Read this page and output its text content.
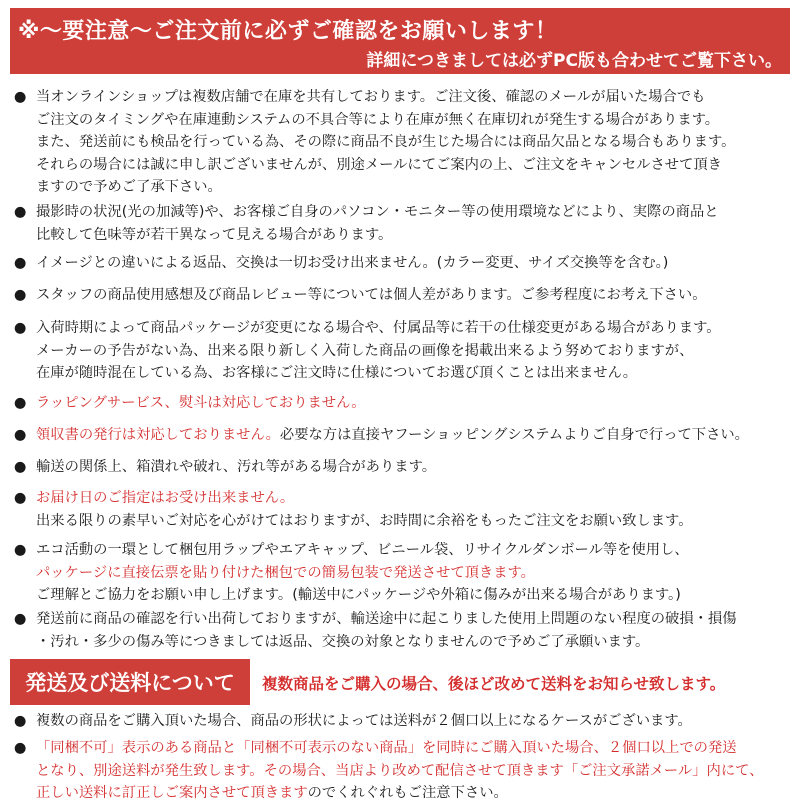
※〜要注意〜ご注文前に必ずご確認をお願いします！
詳細につきましては必ずPC版も合わせてご覧下さい。
● 当オンラインショップは複数店舗で在庫を共有しております。ご注文後、確認のメールが届いた場合でも
ご注文のタイミングや在庫連動システムの不具合等により在庫が無く在庫切れが発生する場合があります。
また、発送前にも検品を行っている為、その際に商品不良が生じた場合には商品欠品となる場合もあります。
それらの場合には誠に申し訳ございませんが、別途メールにてご案内の上、ご注文をキャンセルさせて頂き
ますので予めご了承下さい。
● 撮影時の状況(光の加減等)や、お客様ご自身のパソコン・モニター等の使用環境などにより、実際の商品と
比較して色味等が若干異なって見える場合があります。
● イメージとの違いによる返品、交換は一切お受け出来ません。(カラー変更、サイズ交換等を含む。)
● スタッフの商品使用感想及び商品レビュー等については個人差があります。ご参考程度にお考え下さい。
● 入荷時期によって商品パッケージが変更になる場合や、付属品等に若干の仕様変更がある場合があります。
メーカーの予告がない為、出来る限り新しく入荷した商品の画像を掲載出来るよう努めておりますが、
在庫が随時混在している為、お客様にご注文時に仕様についてお選び頂くことは出来ません。
● ラッピングサービス、熨斗は対応しておりません。
● 領収書の発行は対応しておりません。必要な方は直接ヤフーショッピングシステムよりご自身で行って下さい。
● 輸送の関係上、箱潰れや破れ、汚れ等がある場合があります。
● お届け日のご指定はお受け出来ません。
出来る限りの素早いご対応を心がけてはおりますが、お時間に余裕をもったご注文をお願い致します。
● エコ活動の一環として梱包用ラップやエアキャップ、ビニール袋、リサイクルダンボール等を使用し、
パッケージに直接伝票を貼り付けた梱包での簡易包装で発送させて頂きます。
ご理解とご協力をお願い申し上げます。(輸送中にパッケージや外箱に傷みが出来る場合があります。)
● 発送前に商品の確認を行い出荷しておりますが、輸送途中に起こりました使用上問題のない程度の破損・損傷
・汚れ・多少の傷み等につきましては返品、交換の対象となりませんので予めご了承願います。
発送及び送料について	複数商品をご購入の場合、後ほど改めて送料をお知らせ致します。
● 複数の商品をご購入頂いた場合、商品の形状によっては送料が２個口以上になるケースがございます。
● 「同梱不可」表示のある商品と「同梱不可表示のない商品」を同時にご購入頂いた場合、２個口以上での発送
となり、別途送料が発生致します。その場合、当店より改めて配信させて頂きます「ご注文承諾メール」内にて、
正しい送料に訂正しご案内させて頂きますのでくれぐれもご注意下さい。
